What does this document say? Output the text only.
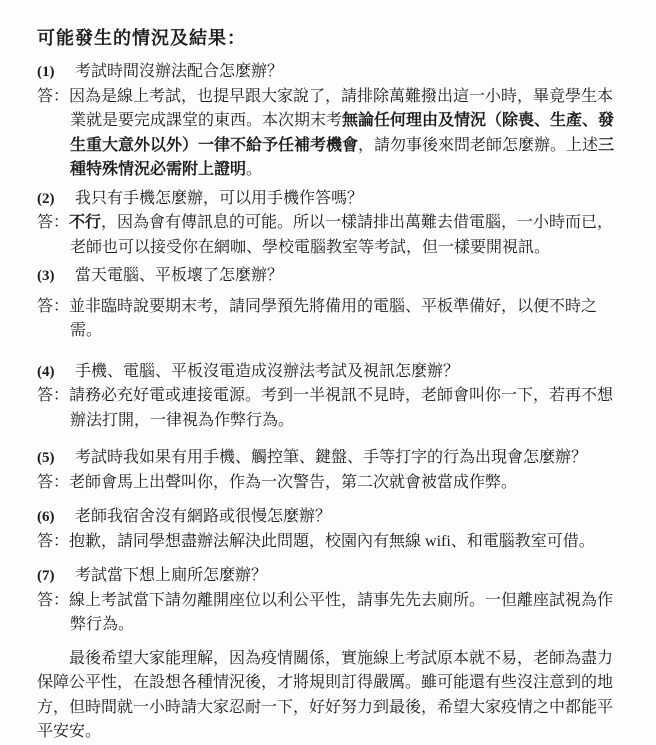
可能發生的情況及結果：
(1)	考試時間沒辦法配合怎麼辦？
答：因為是線上考試，也提早跟大家說了，請排除萬難撥出這一小時，畢竟學生本業就是要完成課堂的東西。本次期末考無論任何理由及情況（除喪、生產、發生重大意外以外）一律不給予任補考機會，請勿事後來問老師怎麼辦。上述三種特殊情況必需附上證明。
(2)	我只有手機怎麼辦，可以用手機作答嗎？
答：不行，因為會有傳訊息的可能。所以一樣請排出萬難去借電腦，一小時而已，老師也可以接受你在網咖、學校電腦教室等考試，但一樣要開視訊。
(3)	當天電腦、平板壞了怎麼辦？
答：並非臨時說要期末考，請同學預先將備用的電腦、平板準備好，以便不時之需。
(4)	手機、電腦、平板沒電造成沒辦法考試及視訊怎麼辦？
答：請務必充好電或連接電源。考到一半視訊不見時，老師會叫你一下，若再不想辦法打開，一律視為作弊行為。
(5)	考試時我如果有用手機、觸控筆、鍵盤、手等打字的行為出現會怎麼辦？
答：老師會馬上出聲叫你，作為一次警告，第二次就會被當成作弊。
(6)	老師我宿舍沒有網路或很慢怎麼辦？
答：抱歉，請同學想盡辦法解決此問題，校園內有無線 wifi、和電腦教室可借。
(7)	考試當下想上廁所怎麼辦？
答：線上考試當下請勿離開座位以利公平性，請事先先去廁所。一但離座試視為作弊行為。

最後希望大家能理解，因為疫情關係，實施線上考試原本就不易，老師為盡力保障公平性，在設想各種情況後，才將規則訂得嚴厲。雖可能還有些沒注意到的地方，但時間就一小時請大家忍耐一下，好好努力到最後，希望大家疫情之中都能平平安安。
